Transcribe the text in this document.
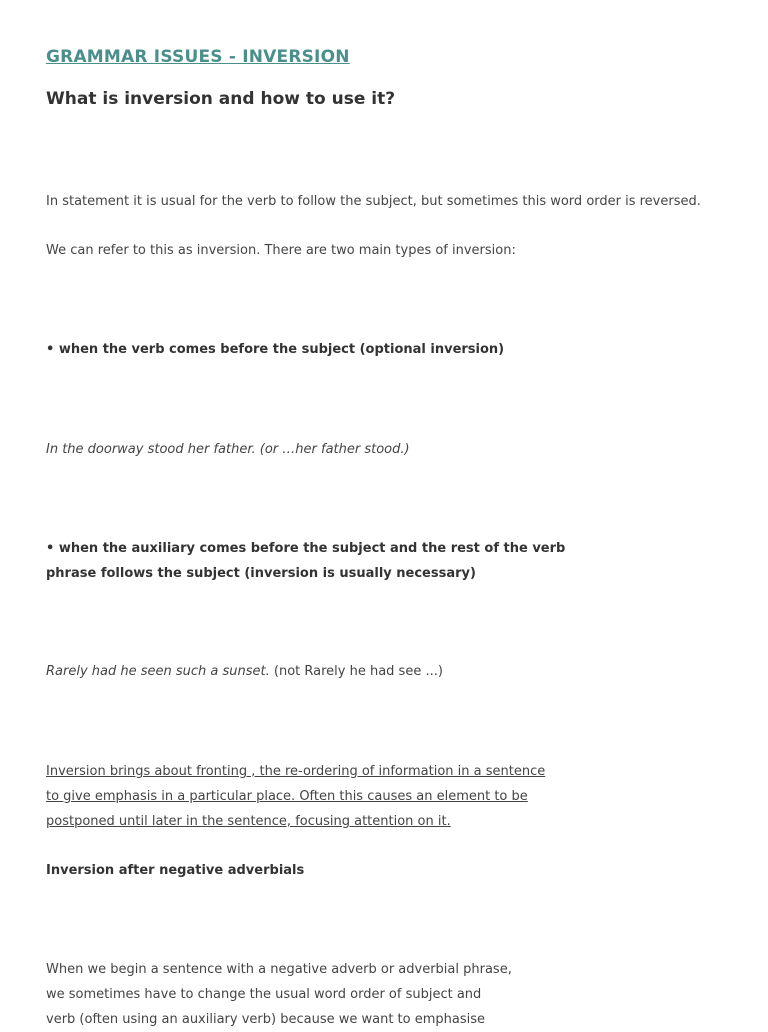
GRAMMAR ISSUES - INVERSION
What is inversion and how to use it?
In statement it is usual for the verb to follow the subject, but sometimes this word order is reversed.
We can refer to this as inversion. There are two main types of inversion:
• when the verb comes before the subject (optional inversion)
In the doorway stood her father. (or …her father stood.)
• when the auxiliary comes before the subject and the rest of the verb
phrase follows the subject (inversion is usually necessary)
Rarely had he seen such a sunset. (not Rarely he had see ...)
Inversion brings about fronting , the re-ordering of information in a sentence
to give emphasis in a particular place. Often this causes an element to be
postponed until later in the sentence, focusing attention on it.
Inversion after negative adverbials
When we begin a sentence with a negative adverb or adverbial phrase,
we sometimes have to change the usual word order of subject and
verb (often using an auxiliary verb) because we want to emphasise
